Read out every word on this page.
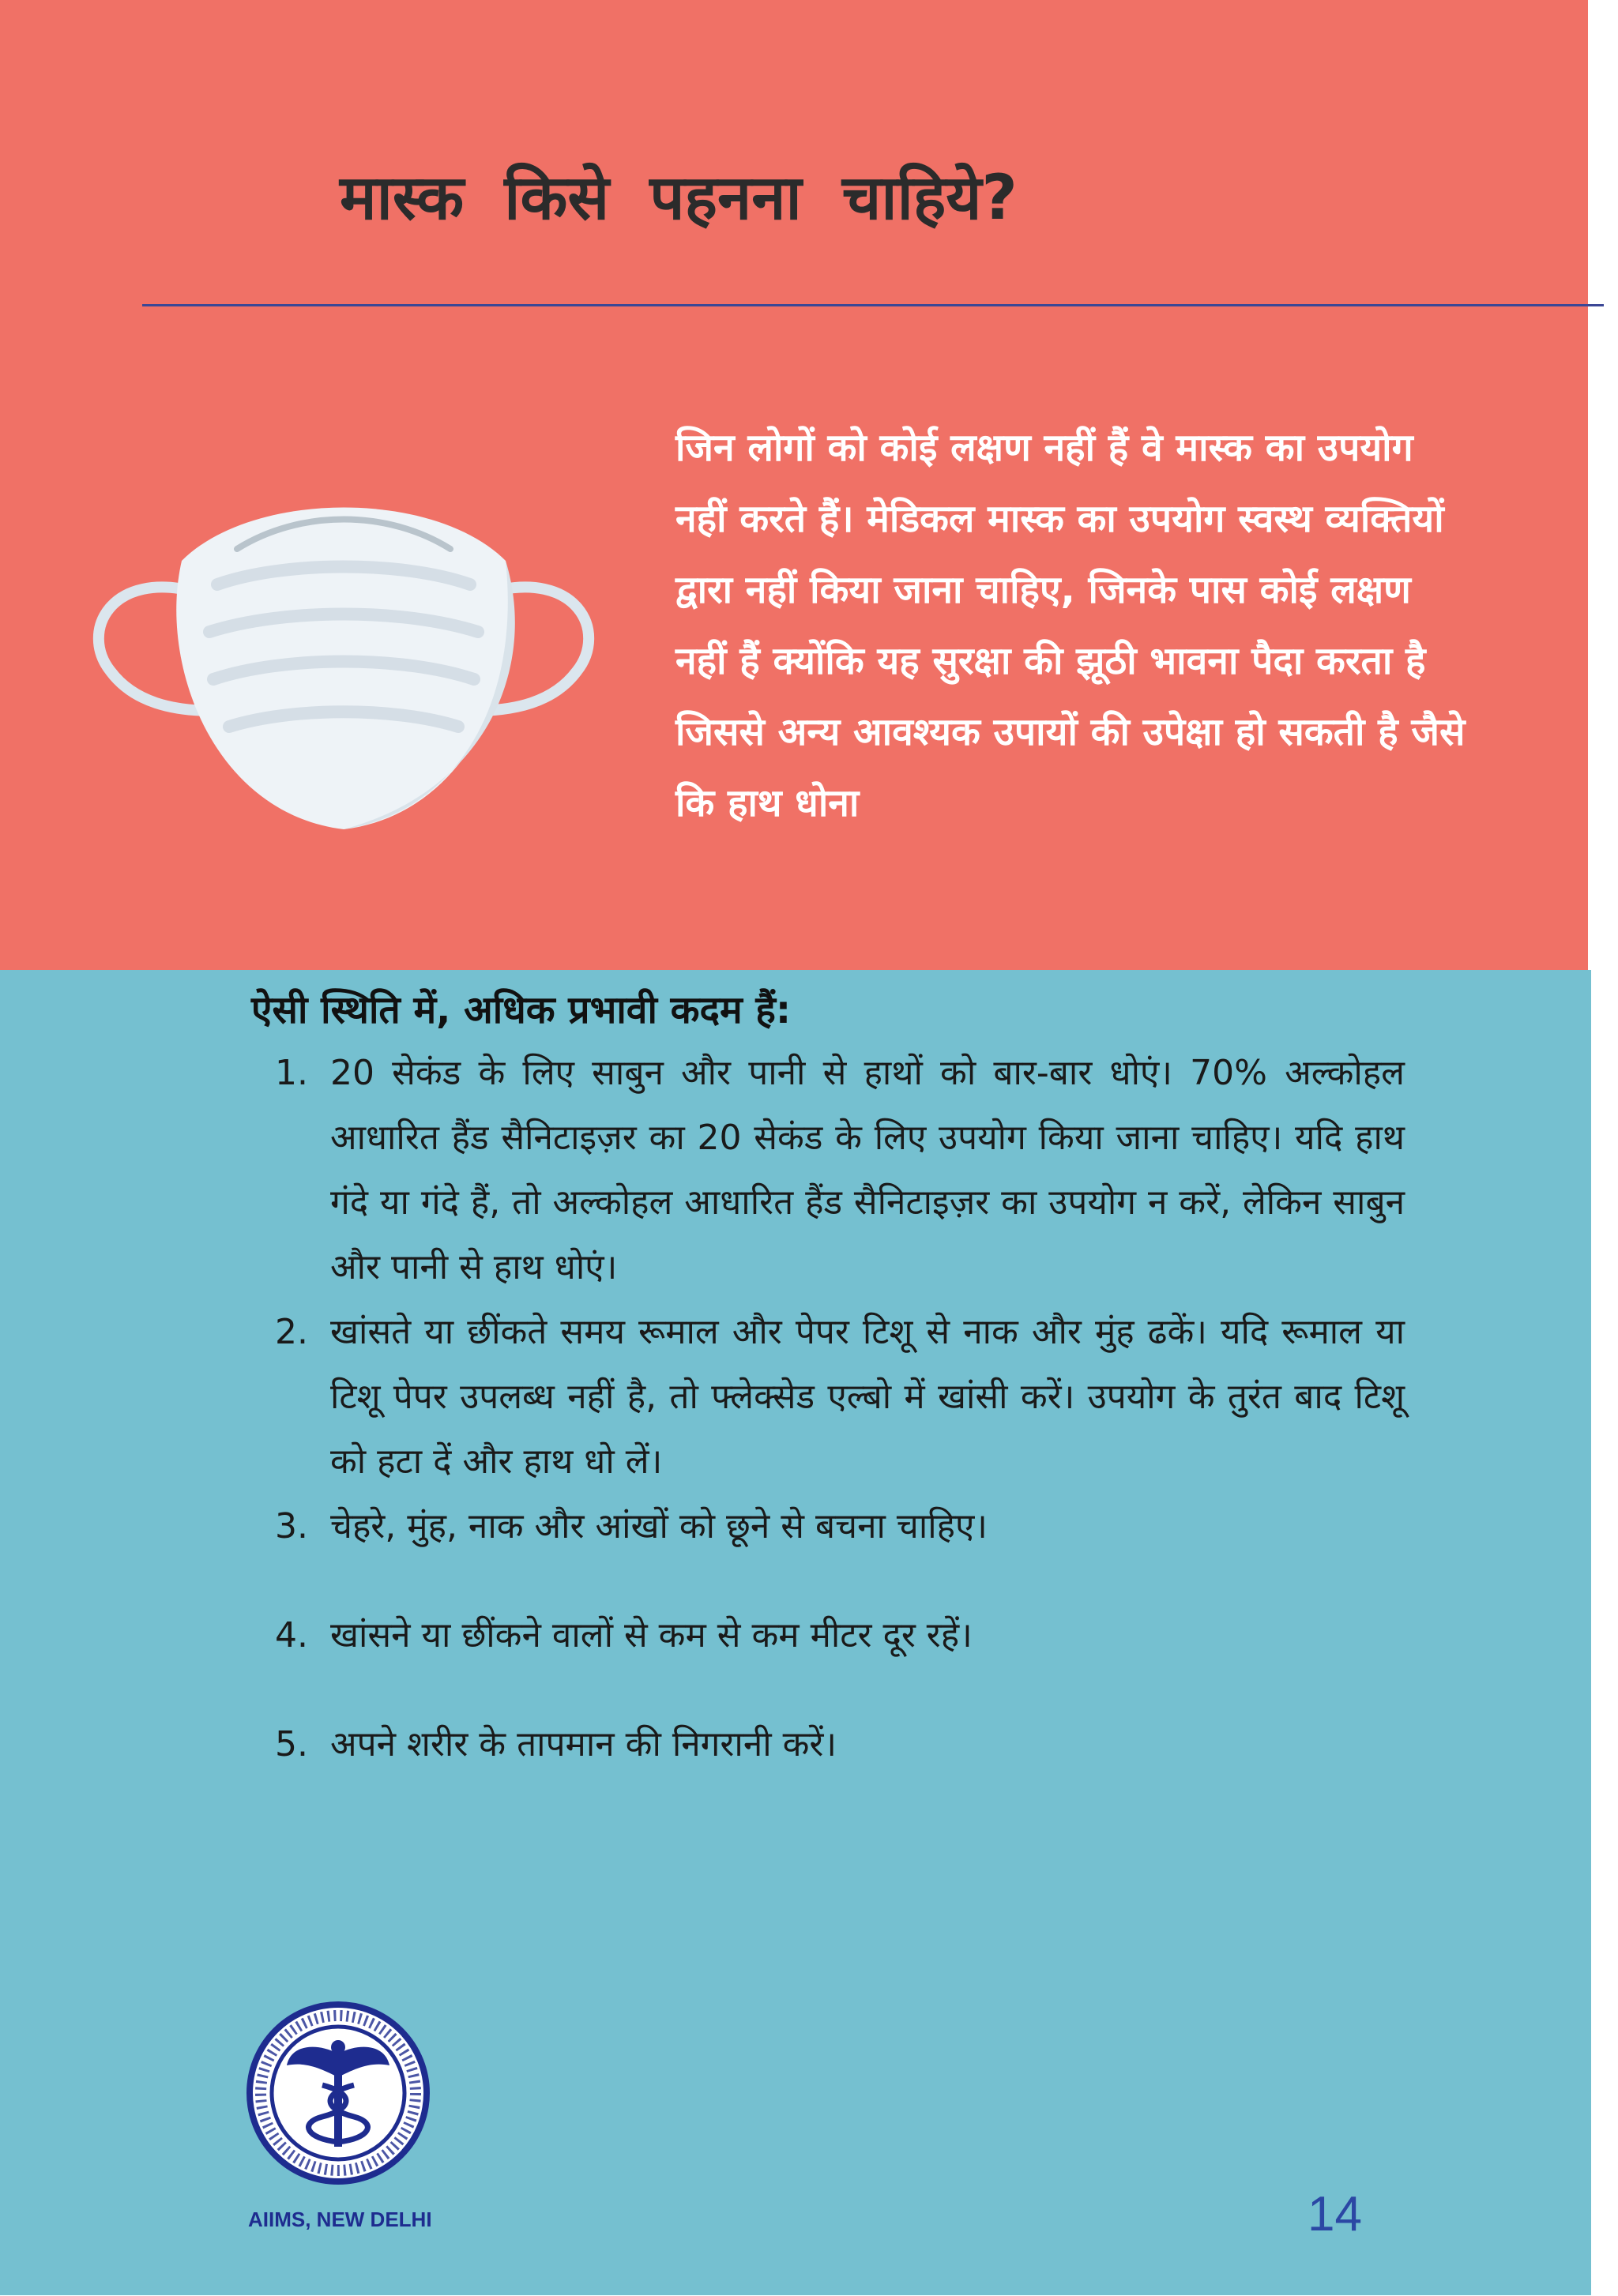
मास्क किसे पहनना चाहिये?

जिन लोगों को कोई लक्षण नहीं हैं वे मास्क का उपयोग नहीं करते हैं। मेडिकल मास्क का उपयोग स्वस्थ व्यक्तियों द्वारा नहीं किया जाना चाहिए, जिनके पास कोई लक्षण नहीं हैं क्योंकि यह सुरक्षा की झूठी भावना पैदा करता है जिससे अन्य आवश्यक उपायों की उपेक्षा हो सकती है जैसे कि हाथ धोना

ऐसी स्थिति में, अधिक प्रभावी कदम हैं:

1. 20 सेकंड के लिए साबुन और पानी से हाथों को बार-बार धोएं। 70% अल्कोहल आधारित हैंड सैनिटाइज़र का 20 सेकंड के लिए उपयोग किया जाना चाहिए। यदि हाथ गंदे या गंदे हैं, तो अल्कोहल आधारित हैंड सैनिटाइज़र का उपयोग न करें, लेकिन साबुन और पानी से हाथ धोएं।
2. खांसते या छींकते समय रूमाल और पेपर टिशू से नाक और मुंह ढकें। यदि रूमाल या टिशू पेपर उपलब्ध नहीं है, तो फ्लेक्सेड एल्बो में खांसी करें। उपयोग के तुरंत बाद टिशू को हटा दें और हाथ धो लें।
3. चेहरे, मुंह, नाक और आंखों को छूने से बचना चाहिए।
4. खांसने या छींकने वालों से कम से कम मीटर दूर रहें।
5. अपने शरीर के तापमान की निगरानी करें।

AIIMS, NEW DELHI	14
